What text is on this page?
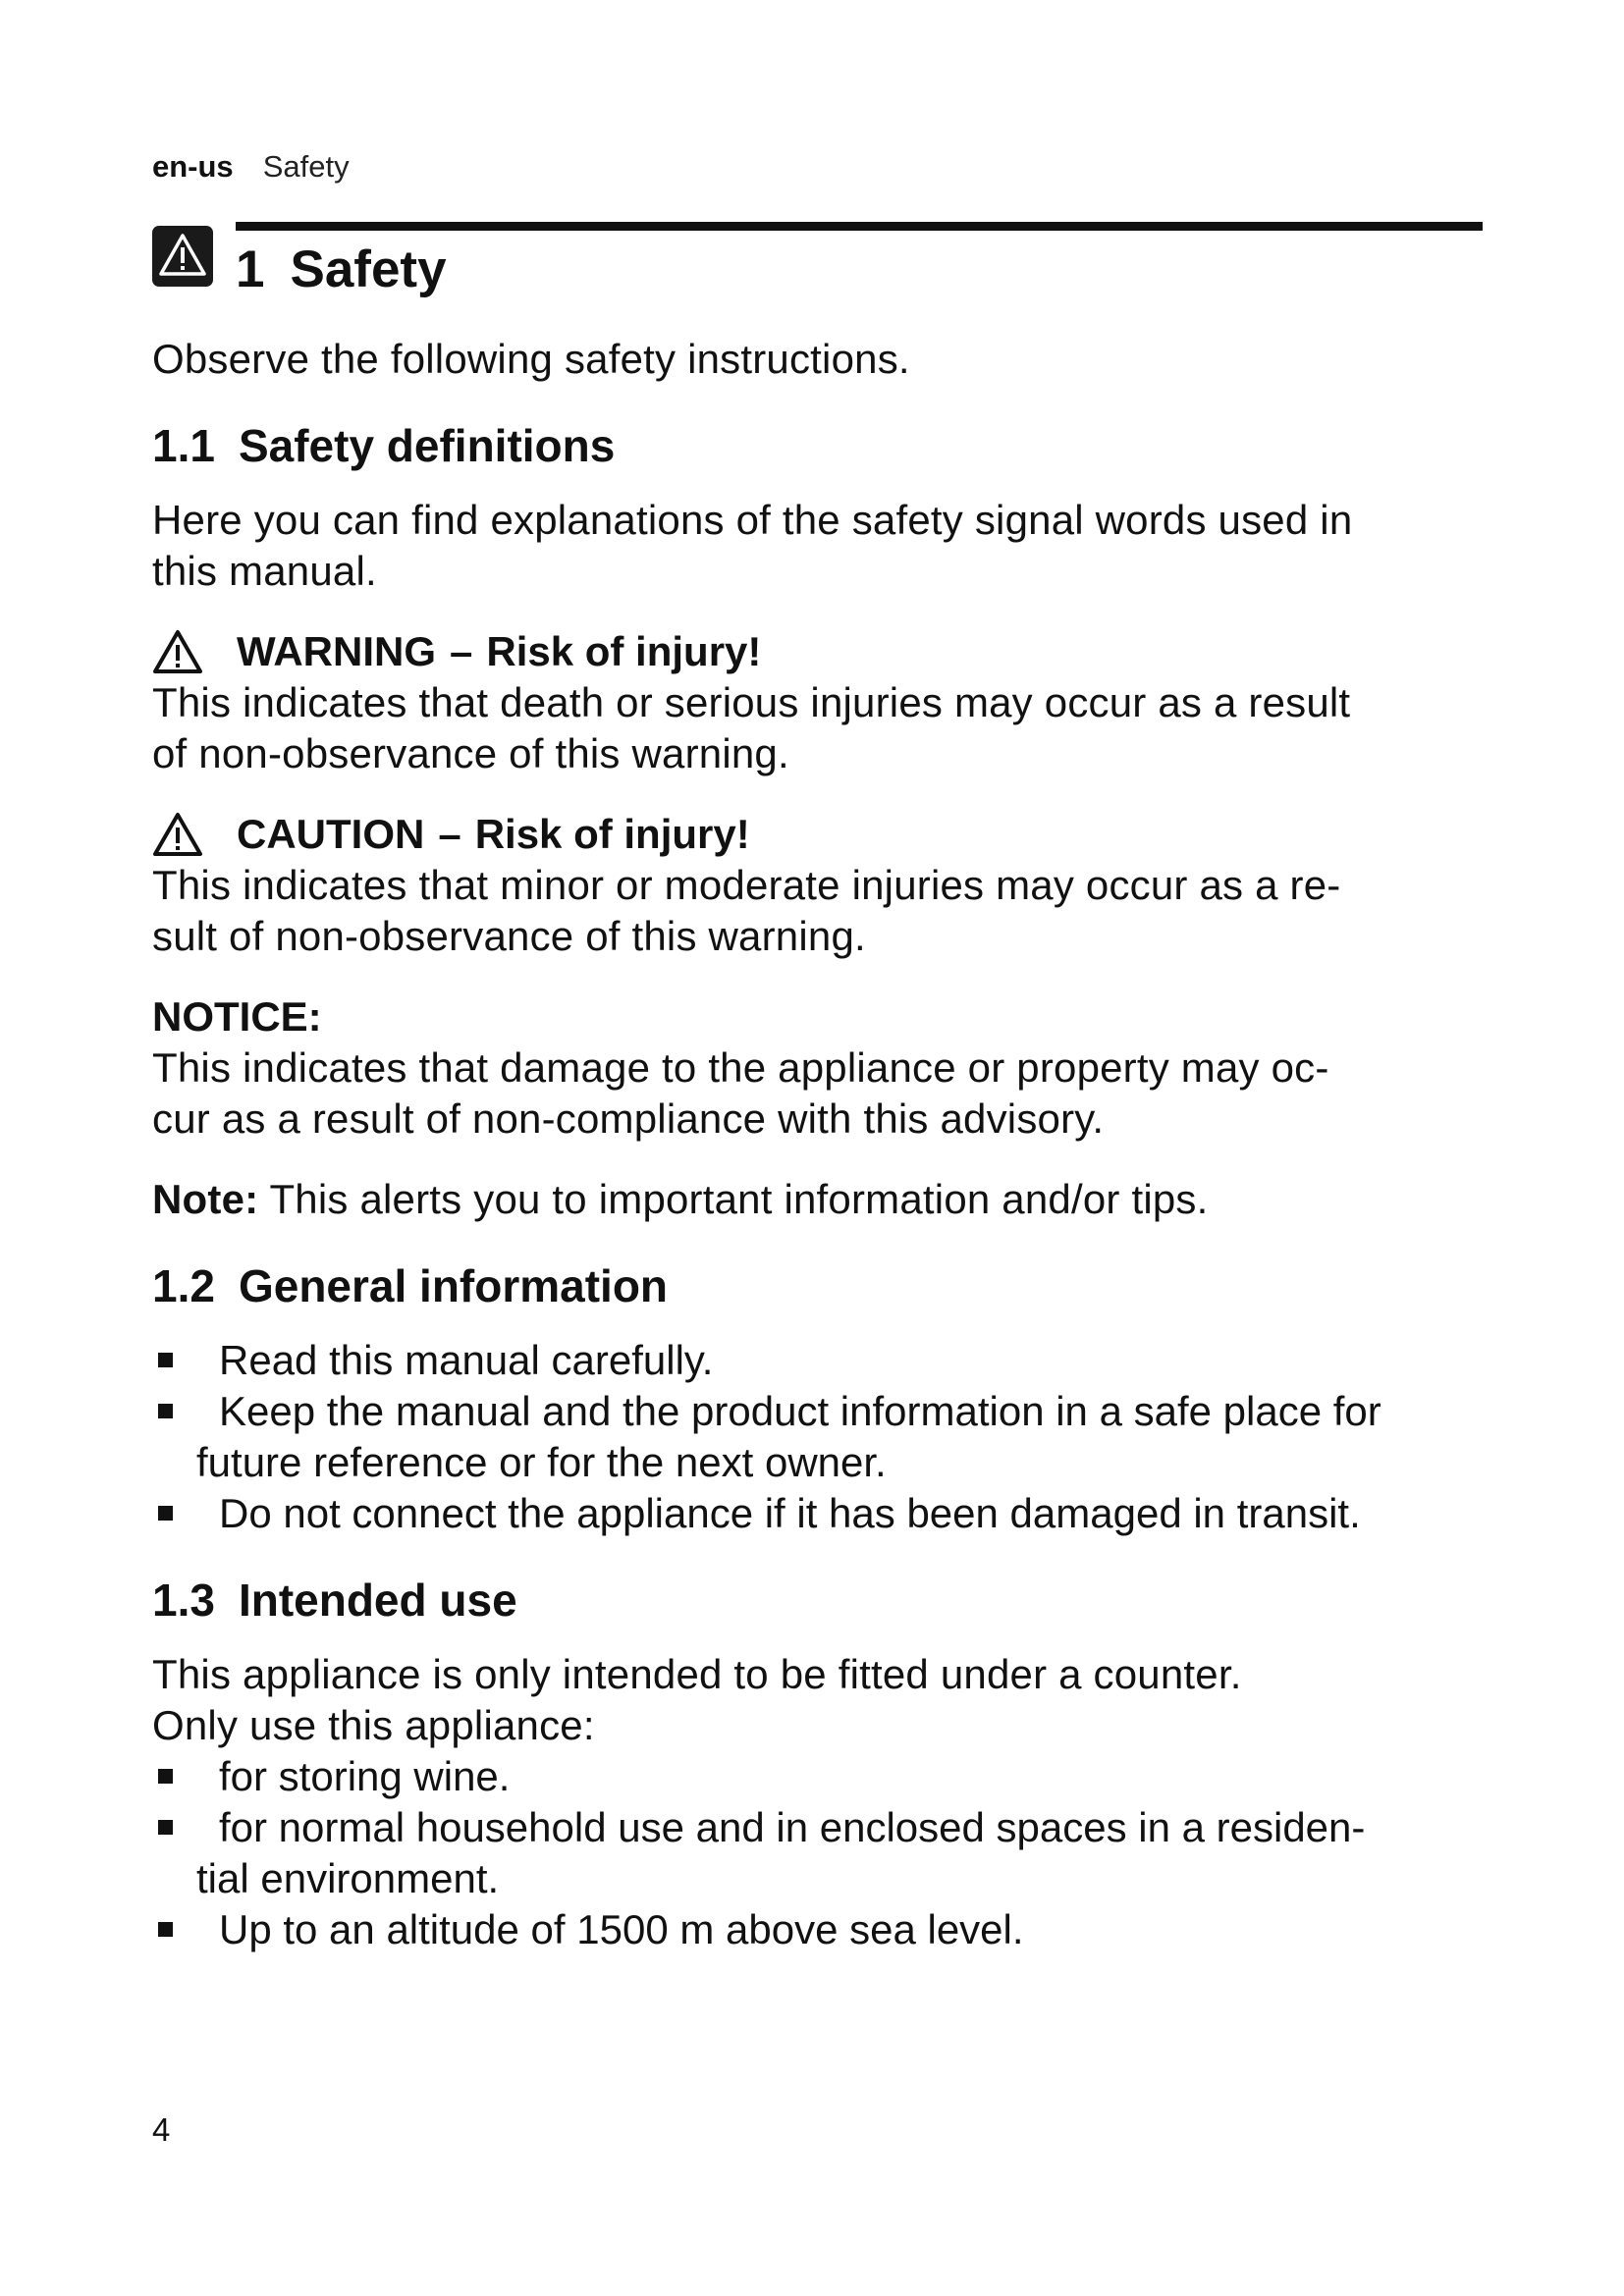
en-us Safety
1 Safety

Observe the following safety instructions.

1.1 Safety definitions

Here you can find explanations of the safety signal words used in

this manual.

WARNING – Risk of injury!

This indicates that death or serious injuries may occur as a result

of non-observance of this warning.

CAUTION – Risk of injury!

This indicates that minor or moderate injuries may occur as a re-

sult of non-observance of this warning.

NOTICE:

This indicates that damage to the appliance or property may oc-

cur as a result of non-compliance with this advisory.

Note: This alerts you to important information and/or tips.

1.2 General information
Read this manual carefully.
Keep the manual and the product information in a safe place for
future reference or for the next owner.
Do not connect the appliance if it has been damaged in transit.
1.3 Intended use

This appliance is only intended to be fitted under a counter.

Only use this appliance:

for storing wine.
for normal household use and in enclosed spaces in a residen-
tial environment.
Up to an altitude of 1500 m above sea level.
4
